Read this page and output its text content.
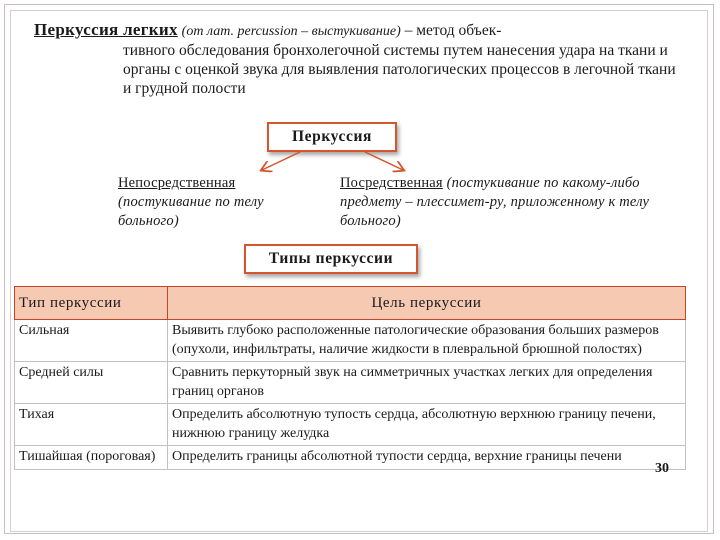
Перкуссия легких (от лат. percussion – выстукивание) – метод объек-
тивного обследования бронхолегочной системы путем нанесения удара на ткани и органы с оценкой звука для выявления патологических процессов в легочной ткани и грудной полости
Перкуссия
Непосредственная (постукивание по телу больного)
Посредственная (постукивание по какому-либо предмету – плессимет-ру, приложенному к телу больного)
Типы перкуссии
Тип перкуссии	Цель перкуссии
Сильная	Выявить глубоко расположенные патологические образования больших размеров (опухоли, инфильтраты, наличие жидкости в плевральной брюшной полостях)
Средней силы	Сравнить перкуторный звук на симметричных участках легких для определения границ органов
Тихая	Определить абсолютную тупость сердца, абсолютную верхнюю границу печени, нижнюю границу желудка
Тишайшая (пороговая)	Определить границы абсолютной тупости сердца, верхние границы печени
30
